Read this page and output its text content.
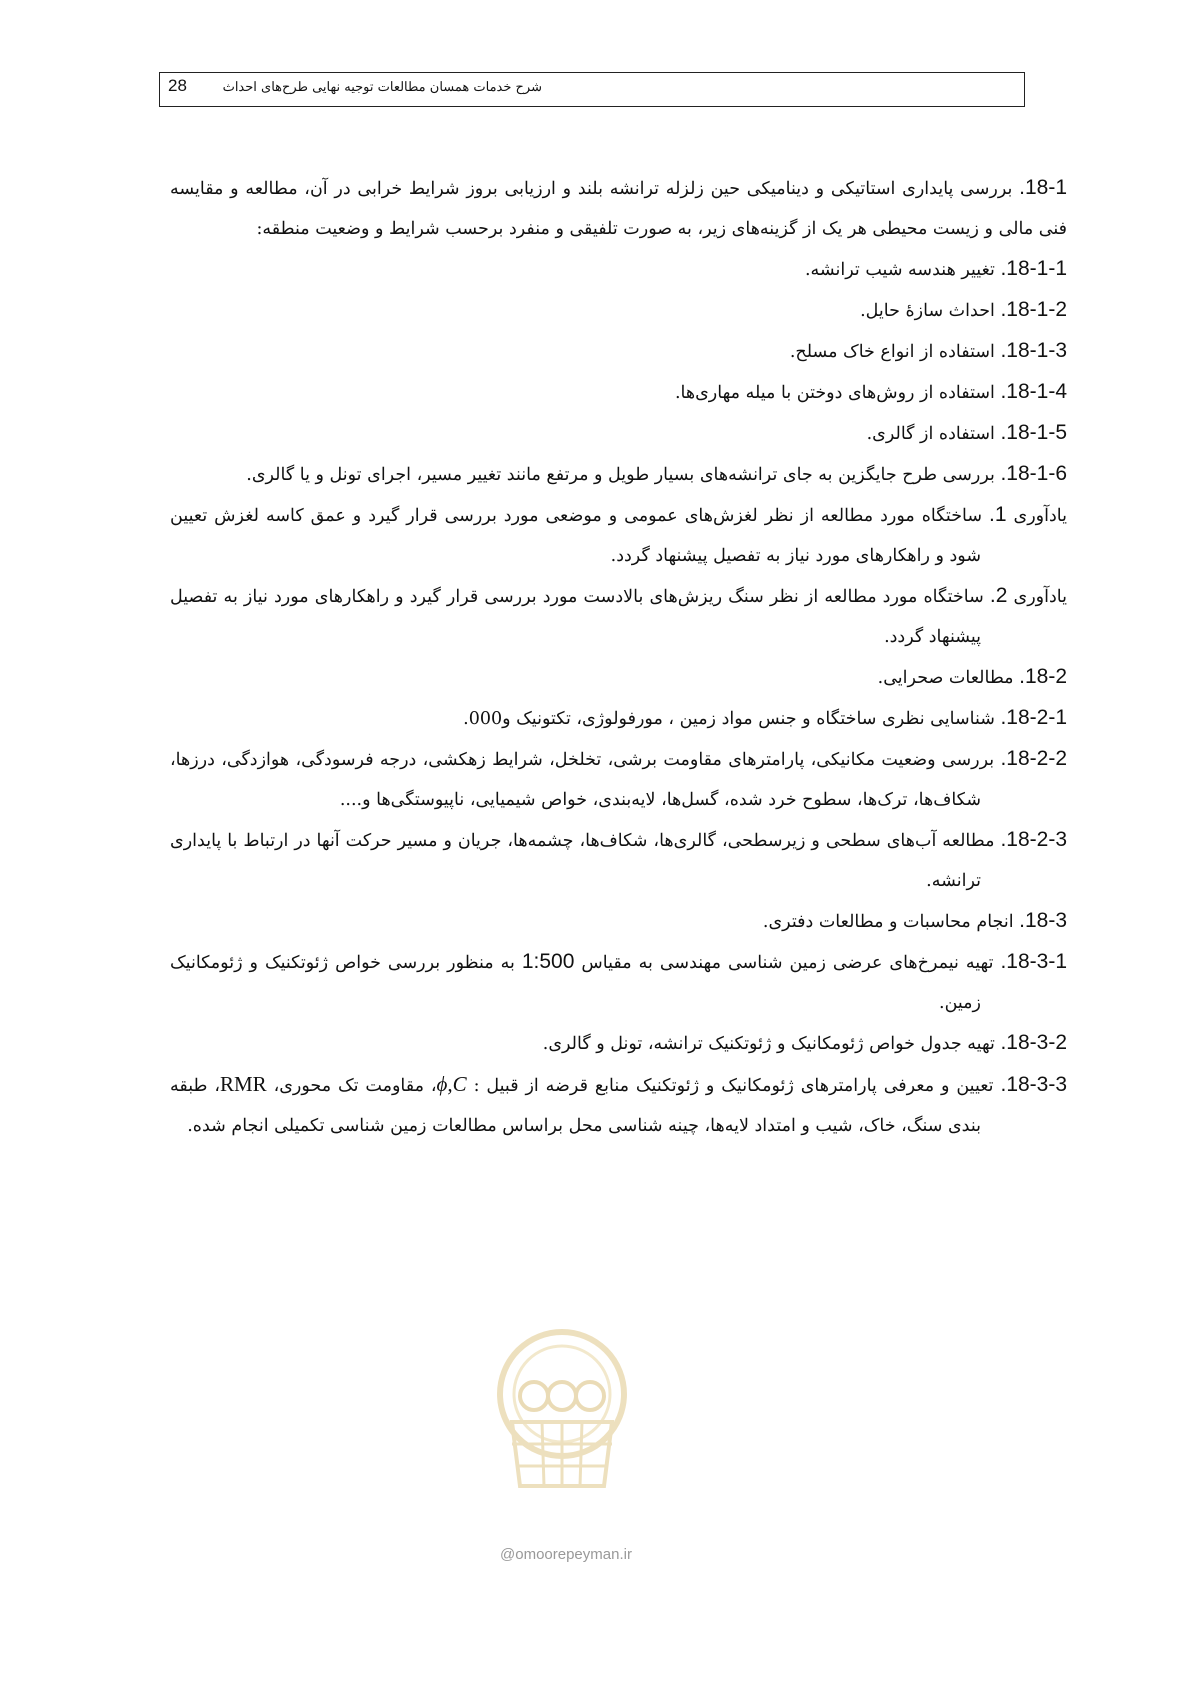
28	شرح خدمات همسان مطالعات توجیه نهایی طرح‌های احداث

18-1. بررسی پایداری استاتیکی و دینامیکی حین زلزله ترانشه بلند و ارزیابی بروز شرایط خرابی در آن، مطالعه و مقایسه فنی مالی و زیست محیطی هر یک از گزینه‌های زیر، به صورت تلفیقی و منفرد برحسب شرایط و وضعیت منطقه:

18-1-1. تغییر هندسه شیب ترانشه.

18-1-2. احداث سازهٔ حایل.

18-1-3. استفاده از انواع خاک مسلح.

18-1-4. استفاده از روش‌های دوختن با میله مهاری‌ها.

18-1-5. استفاده از گالری.

18-1-6. بررسی طرح جایگزین به جای ترانشه‌های بسیار طویل و مرتفع مانند تغییر مسیر، اجرای تونل و یا گالری.

یادآوری 1. ساختگاه مورد مطالعه از نظر لغزش‌های عمومی و موضعی مورد بررسی قرار گیرد و عمق کاسه لغزش تعیین شود و راهکارهای مورد نیاز به تفصیل پیشنهاد گردد.

یادآوری 2. ساختگاه مورد مطالعه از نظر سنگ ریزش‌های بالادست مورد بررسی قرار گیرد و راهکارهای مورد نیاز به تفصیل پیشنهاد گردد.

18-2. مطالعات صحرایی.

18-2-1. شناسایی نظری ساختگاه و جنس مواد زمین ، مورفولوژی، تکتونیک و000.

18-2-2. بررسی وضعیت مکانیکی، پارامترهای مقاومت برشی، تخلخل، شرایط زهکشی، درجه فرسودگی، هوازدگی، درزها، شکاف‌ها، ترک‌ها، سطوح خرد شده، گسل‌ها، لایه‌بندی، خواص شیمیایی، ناپیوستگی‌ها و....

18-2-3. مطالعه آب‌های سطحی و زیرسطحی، گالری‌ها، شکاف‌ها، چشمه‌ها، جریان و مسیر حرکت آنها در ارتباط با پایداری ترانشه.

18-3. انجام محاسبات و مطالعات دفتری.

18-3-1. تهیه نیمرخ‌های عرضی زمین شناسی مهندسی به مقیاس 1:500 به منظور بررسی خواص ژئوتکنیک و ژئومکانیک زمین.

18-3-2. تهیه جدول خواص ژئومکانیک و ژئوتکنیک ترانشه، تونل و گالری.

18-3-3. تعیین و معرفی پارامترهای ژئومکانیک و ژئوتکنیک منابع قرضه از قبیل : ϕ,C، مقاومت تک محوری، RMR، طبقه بندی سنگ، خاک، شیب و امتداد لایه‌ها، چینه شناسی محل براساس مطالعات زمین شناسی تکمیلی انجام شده.

@omoorepeyman.ir
